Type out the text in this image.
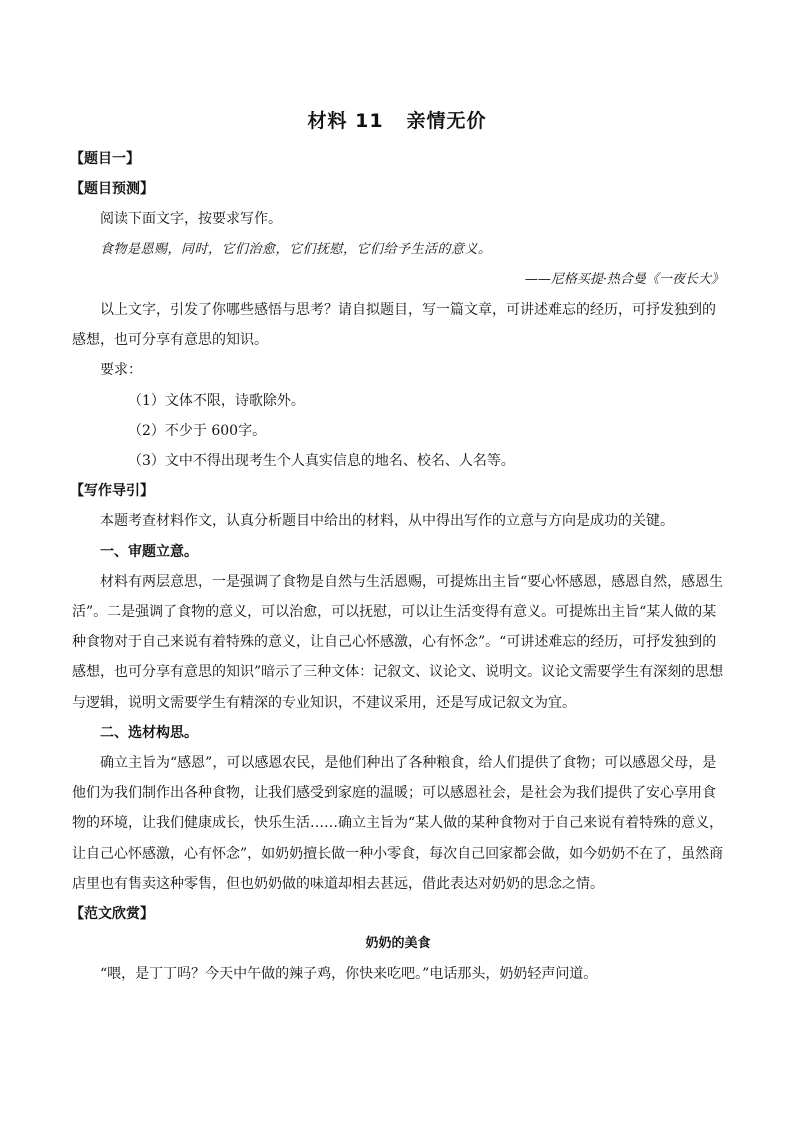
材料 11   亲情无价

【题目一】

【题目预测】

阅读下面文字，按要求写作。

食物是恩赐，同时，它们治愈，它们抚慰，它们给予生活的意义。

——尼格买提·热合曼《一夜长大》

以上文字，引发了你哪些感悟与思考？请自拟题目，写一篇文章，可讲述难忘的经历，可抒发独到的感想，也可分享有意思的知识。

要求：

（1）文体不限，诗歌除外。

（2）不少于 600字。

（3）文中不得出现考生个人真实信息的地名、校名、人名等。

【写作导引】

本题考查材料作文，认真分析题目中给出的材料，从中得出写作的立意与方向是成功的关键。

一、审题立意。

材料有两层意思，一是强调了食物是自然与生活恩赐，可提炼出主旨“要心怀感恩，感恩自然，感恩生活”。二是强调了食物的意义，可以治愈，可以抚慰，可以让生活变得有意义。可提炼出主旨“某人做的某种食物对于自己来说有着特殊的意义，让自己心怀感激，心有怀念”。“可讲述难忘的经历，可抒发独到的感想，也可分享有意思的知识”暗示了三种文体：记叙文、议论文、说明文。议论文需要学生有深刻的思想与逻辑，说明文需要学生有精深的专业知识，不建议采用，还是写成记叙文为宜。

二、选材构思。

确立主旨为“感恩”，可以感恩农民，是他们种出了各种粮食，给人们提供了食物；可以感恩父母，是他们为我们制作出各种食物，让我们感受到家庭的温暖；可以感恩社会，是社会为我们提供了安心享用食物的环境，让我们健康成长，快乐生活……确立主旨为“某人做的某种食物对于自己来说有着特殊的意义，让自己心怀感激，心有怀念”，如奶奶擅长做一种小零食，每次自己回家都会做，如今奶奶不在了，虽然商店里也有售卖这种零售，但也奶奶做的味道却相去甚远，借此表达对奶奶的思念之情。

【范文欣赏】

奶奶的美食

“喂，是丁丁吗？今天中午做的辣子鸡，你快来吃吧。”电话那头，奶奶轻声问道。
